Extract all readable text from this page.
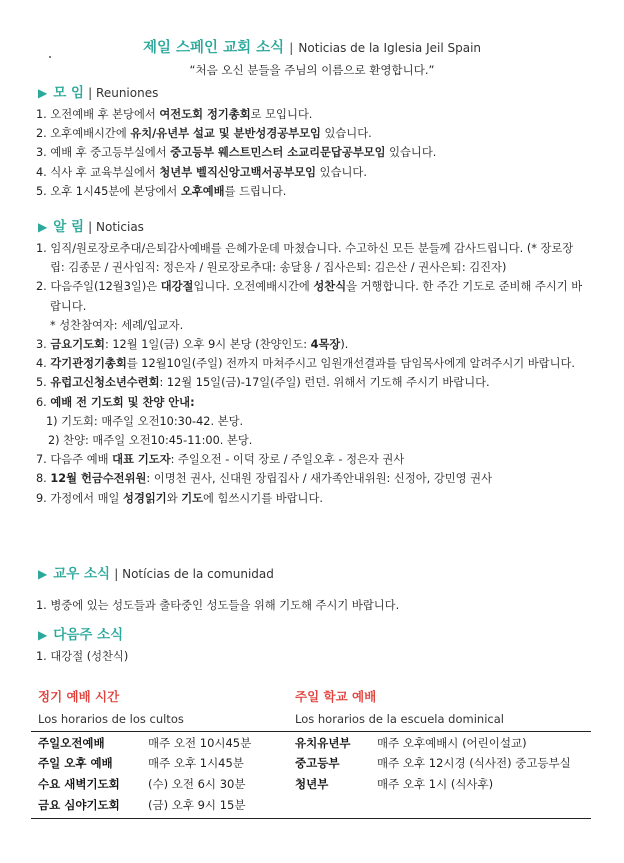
제일 스페인 교회 소식 | Noticias de la Iglesia Jeil Spain
“처음 오신 분들을 주님의 이름으로 환영합니다.”
▶ 모 임 | Reuniones
1. 오전예배 후 본당에서 여전도회 정기총회로 모입니다.
2. 오후예배시간에 유치/유년부 설교 및 분반성경공부모임 있습니다.
3. 예배 후 중고등부실에서 중고등부 웨스트민스터 소교리문답공부모임 있습니다.
4. 식사 후 교육부실에서 청년부 벨직신앙고백서공부모임 있습니다.
5. 오후 1시45분에 본당에서 오후예배를 드립니다.
▶ 알 림 | Noticias
1. 임직/원로장로추대/은퇴감사예배를 은혜가운데 마쳤습니다. 수고하신 모든 분들께 감사드립니다. (* 장로장립: 김종문 / 권사임직: 정은자 / 원로장로추대: 송달용 / 집사은퇴: 김은산 / 권사은퇴: 김진자)
2. 다음주일(12월3일)은 대강절입니다. 오전예배시간에 성찬식을 거행합니다. 한 주간 기도로 준비해 주시기 바랍니다.
* 성찬참여자: 세례/입교자.
3. 금요기도회: 12월 1일(금) 오후 9시 본당 (찬양인도: 4목장).
4. 각기관정기총회를 12월10일(주일) 전까지 마쳐주시고 임원개선결과를 담임목사에게 알려주시기 바랍니다.
5. 유럽고신청소년수련회: 12월 15일(금)-17일(주일) 런던. 위해서 기도해 주시기 바랍니다.
6. 예배 전 기도회 및 찬양 안내:
1) 기도회: 매주일 오전10:30-42. 본당.
2) 찬양: 매주일 오전10:45-11:00. 본당.
7. 다음주 예배 대표 기도자: 주일오전 - 이덕 장로 / 주일오후 - 정은자 권사
8. 12월 헌금수전위원: 이명천 권사, 신대원 장립집사 / 새가족안내위원: 신정아, 강민영 권사
9. 가정에서 매일 성경읽기와 기도에 힘쓰시기를 바랍니다.
▶ 교우 소식 | Notícias de la comunidad
1. 병중에 있는 성도들과 출타중인 성도들을 위해 기도해 주시기 바랍니다.
▶ 다음주 소식
1. 대강절 (성찬식)
정기 예배 시간
Los horarios de los cultos
주일 학교 예배
Los horarios de la escuela dominical
주일오전예배	매주 오전 10시45분
주일 오후 예배	매주 오후 1시45분
수요 새벽기도회 (수) 오전 6시 30분
금요 심야기도회 (금) 오후 9시 15분
유치유년부 매주 오후예배시 (어린이설교)
중고등부	매주 오후 12시경 (식사전) 중고등부실
청년부	매주 오후 1시 (식사후)
